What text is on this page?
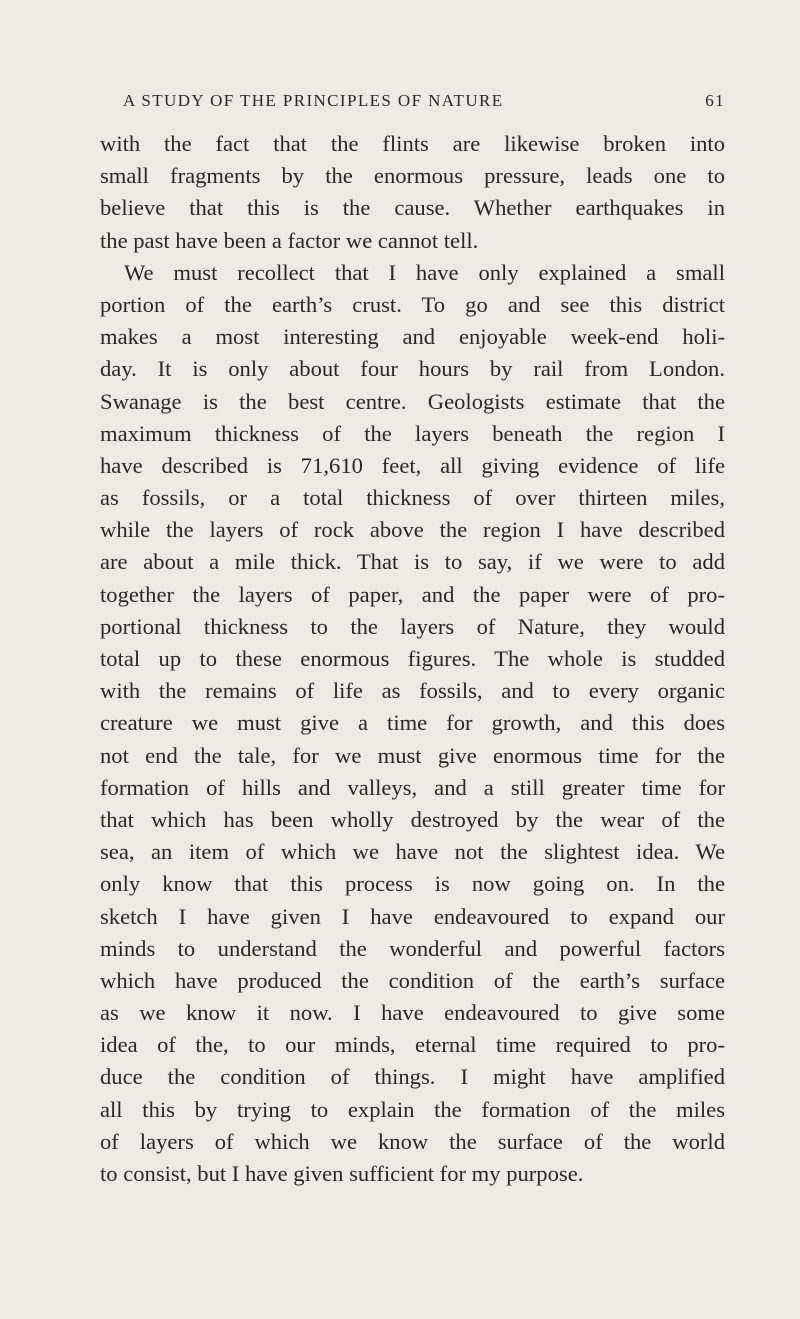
A STUDY OF THE PRINCIPLES OF NATURE	61
with the fact that the flints are likewise broken into
small fragments by the enormous pressure, leads one to
believe that this is the cause. Whether earthquakes in
the past have been a factor we cannot tell.
We must recollect that I have only explained a small
portion of the earth’s crust. To go and see this district
makes a most interesting and enjoyable week-end holi-
day. It is only about four hours by rail from London.
Swanage is the best centre. Geologists estimate that the
maximum thickness of the layers beneath the region I
have described is 71,610 feet, all giving evidence of life
as fossils, or a total thickness of over thirteen miles,
while the layers of rock above the region I have described
are about a mile thick. That is to say, if we were to add
together the layers of paper, and the paper were of pro-
portional thickness to the layers of Nature, they would
total up to these enormous figures. The whole is studded
with the remains of life as fossils, and to every organic
creature we must give a time for growth, and this does
not end the tale, for we must give enormous time for the
formation of hills and valleys, and a still greater time for
that which has been wholly destroyed by the wear of the
sea, an item of which we have not the slightest idea. We
only know that this process is now going on. In the
sketch I have given I have endeavoured to expand our
minds to understand the wonderful and powerful factors
which have produced the condition of the earth’s surface
as we know it now. I have endeavoured to give some
idea of the, to our minds, eternal time required to pro-
duce the condition of things. I might have amplified
all this by trying to explain the formation of the miles
of layers of which we know the surface of the world
to consist, but I have given sufficient for my purpose.
